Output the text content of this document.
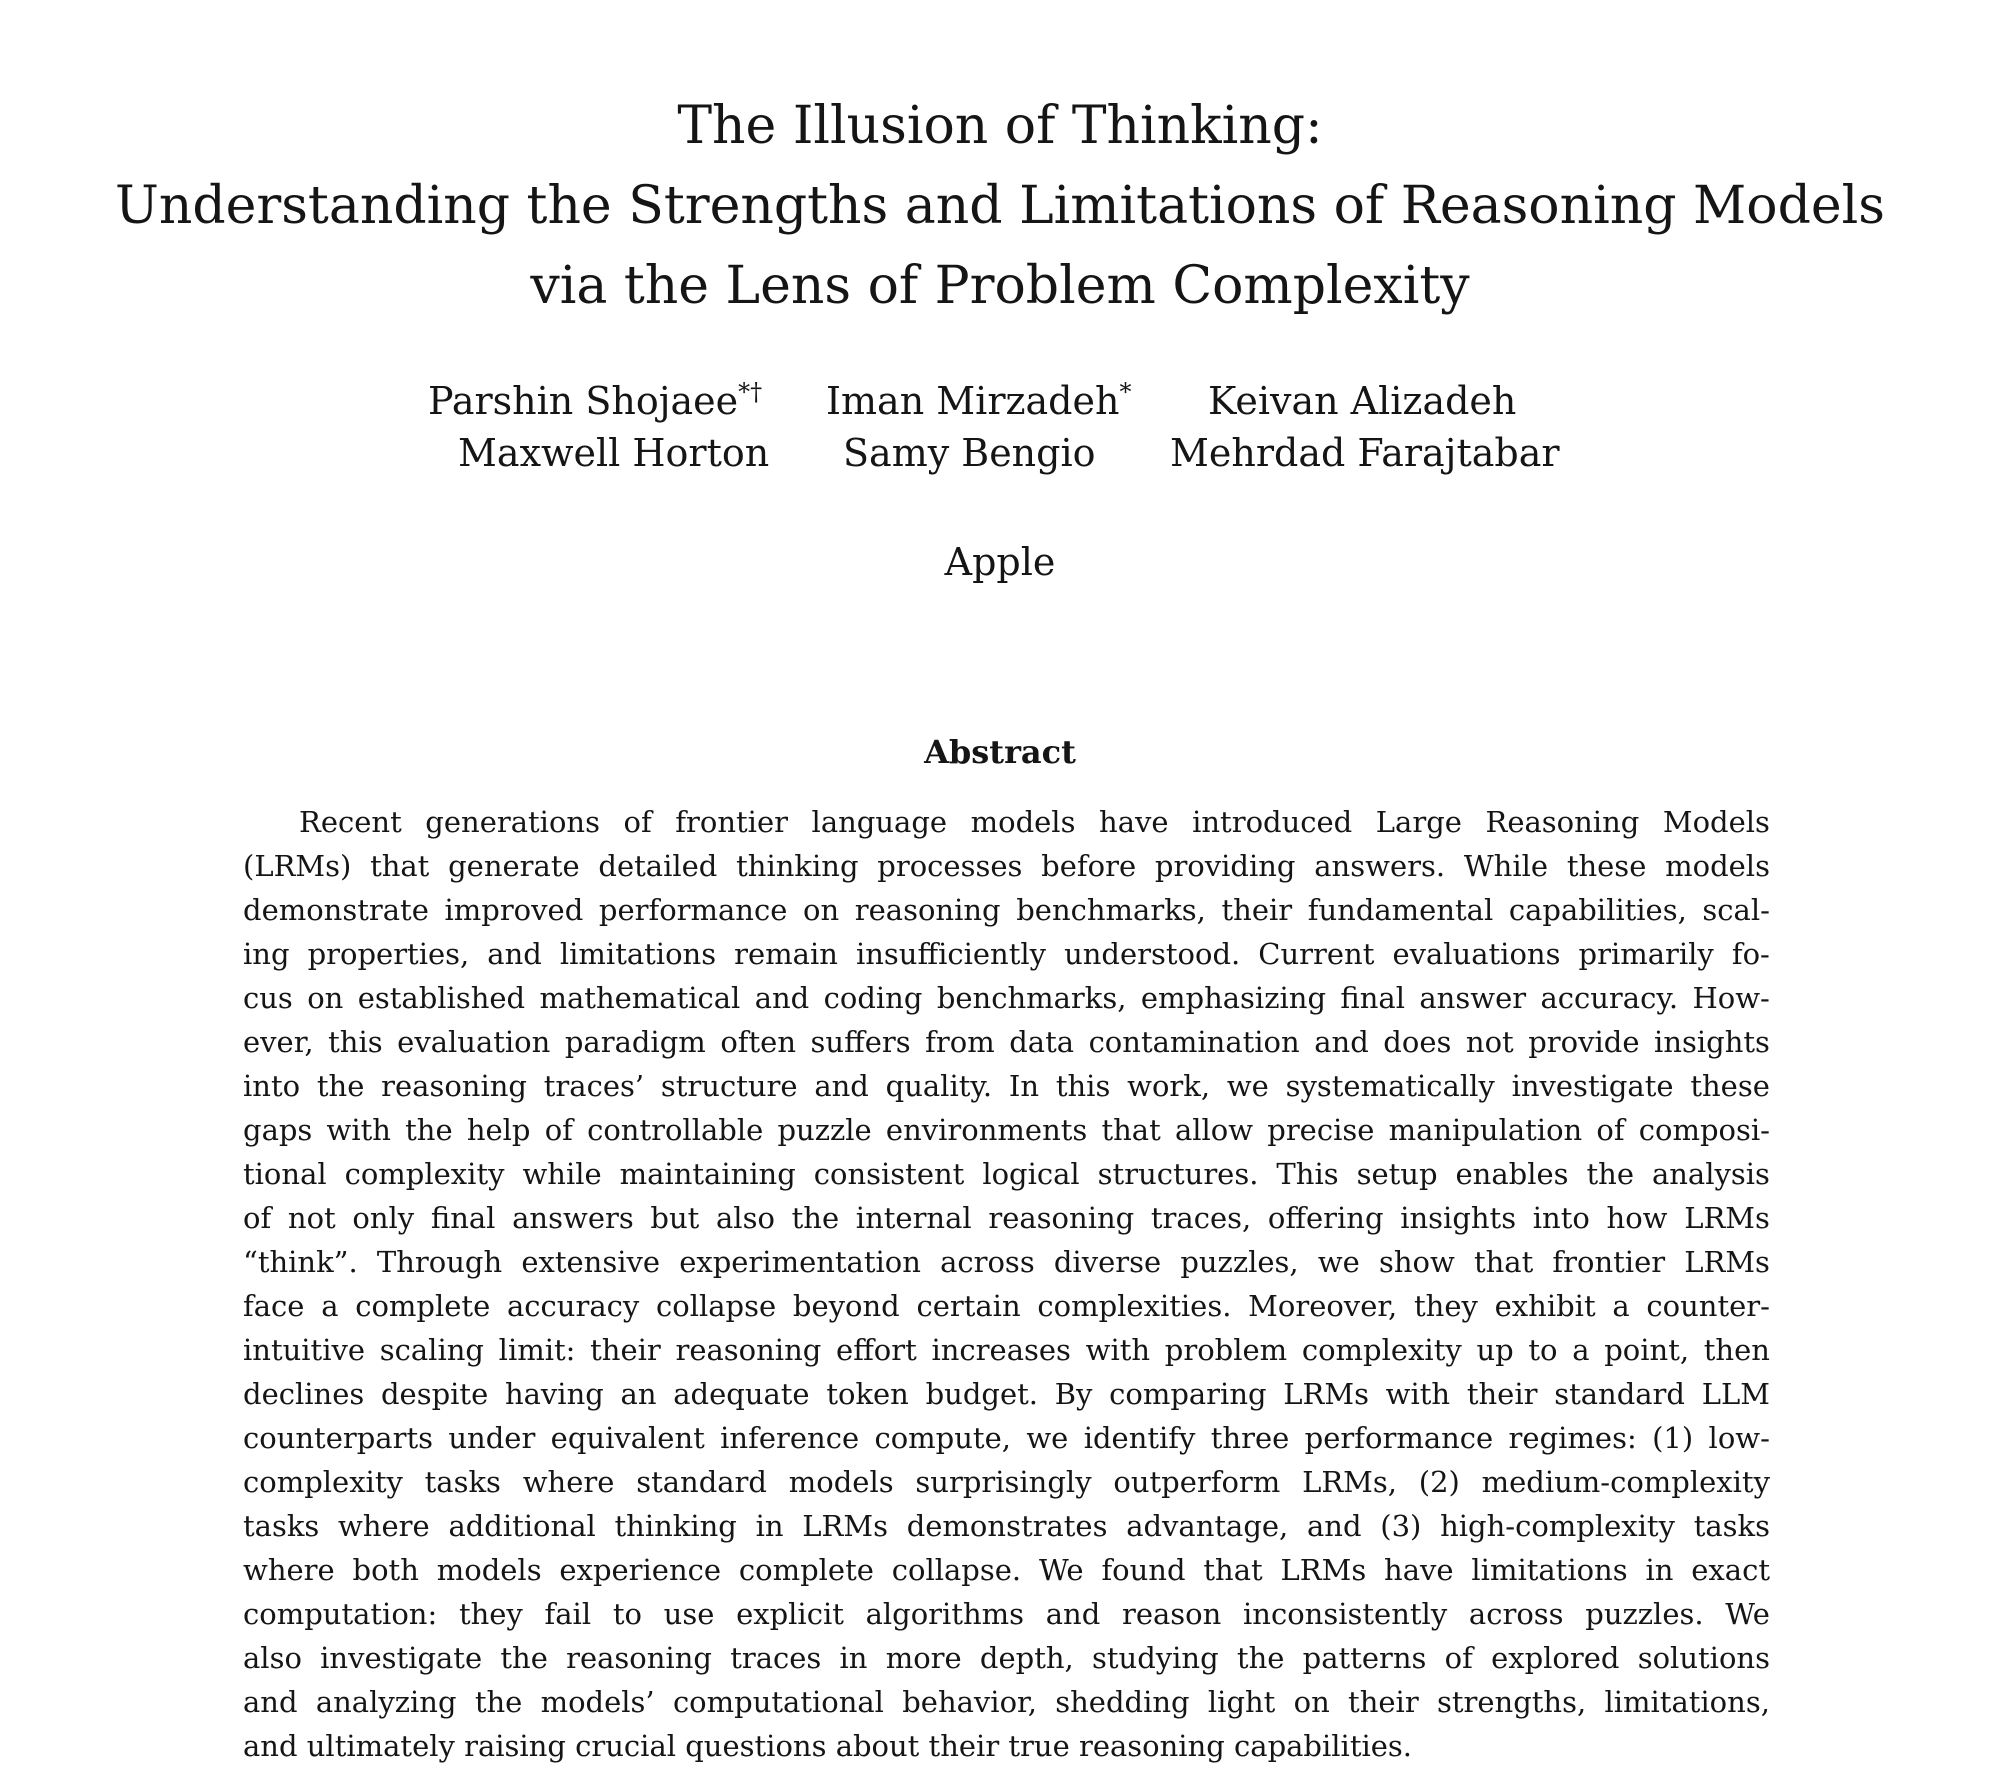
The Illusion of Thinking:
Understanding the Strengths and Limitations of Reasoning Models
via the Lens of Problem Complexity
Parshin Shojaee*† Iman Mirzadeh* Keivan Alizadeh
Maxwell Horton Samy Bengio Mehrdad Farajtabar
Apple
Abstract
Recent generations of frontier language models have introduced Large Reasoning Models
(LRMs) that generate detailed thinking processes before providing answers. While these models
demonstrate improved performance on reasoning benchmarks, their fundamental capabilities, scal-
ing properties, and limitations remain insufficiently understood. Current evaluations primarily fo-
cus on established mathematical and coding benchmarks, emphasizing final answer accuracy. How-
ever, this evaluation paradigm often suffers from data contamination and does not provide insights
into the reasoning traces’ structure and quality. In this work, we systematically investigate these
gaps with the help of controllable puzzle environments that allow precise manipulation of composi-
tional complexity while maintaining consistent logical structures. This setup enables the analysis
of not only final answers but also the internal reasoning traces, offering insights into how LRMs
“think”. Through extensive experimentation across diverse puzzles, we show that frontier LRMs
face a complete accuracy collapse beyond certain complexities. Moreover, they exhibit a counter-
intuitive scaling limit: their reasoning effort increases with problem complexity up to a point, then
declines despite having an adequate token budget. By comparing LRMs with their standard LLM
counterparts under equivalent inference compute, we identify three performance regimes: (1) low-
complexity tasks where standard models surprisingly outperform LRMs, (2) medium-complexity
tasks where additional thinking in LRMs demonstrates advantage, and (3) high-complexity tasks
where both models experience complete collapse. We found that LRMs have limitations in exact
computation: they fail to use explicit algorithms and reason inconsistently across puzzles. We
also investigate the reasoning traces in more depth, studying the patterns of explored solutions
and analyzing the models’ computational behavior, shedding light on their strengths, limitations,
and ultimately raising crucial questions about their true reasoning capabilities.
